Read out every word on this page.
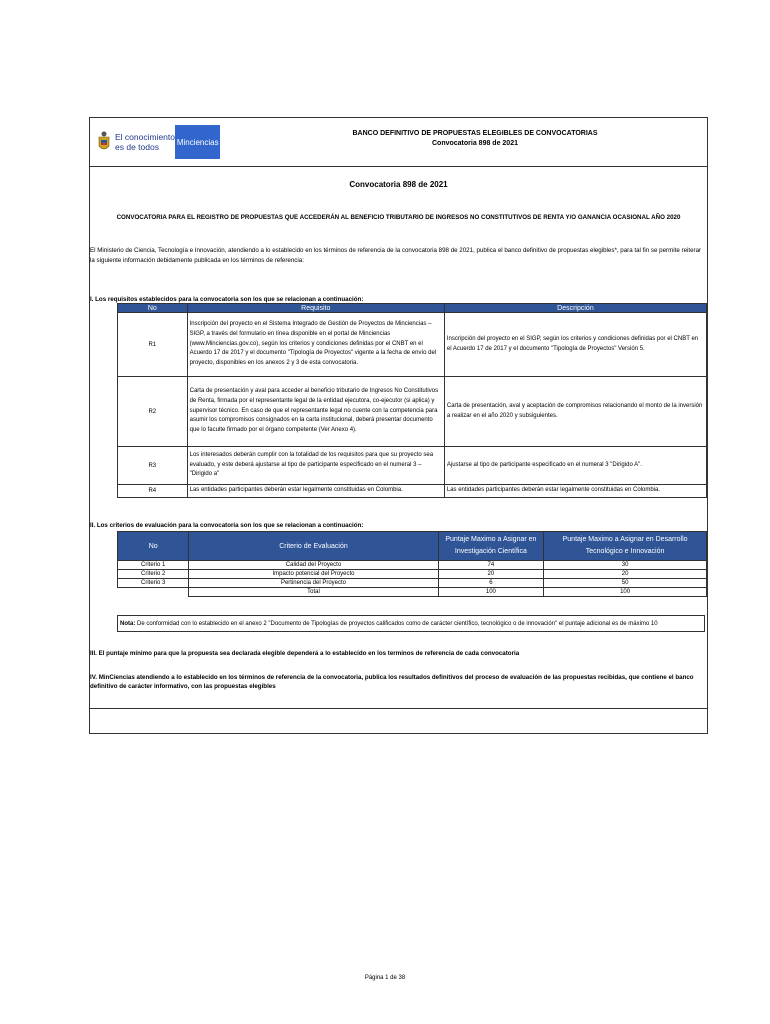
El conocimiento
es de todos	Minciencias
BANCO DEFINITIVO DE PROPUESTAS ELEGIBLES DE CONVOCATORIAS
Convocatoria 898 de 2021
Convocatoria 898 de 2021
CONVOCATORIA PARA EL REGISTRO DE PROPUESTAS QUE ACCEDERÁN AL BENEFICIO TRIBUTARIO DE INGRESOS NO CONSTITUTIVOS DE RENTA Y/O GANANCIA OCASIONAL AÑO 2020
El Ministerio de Ciencia, Tecnología e Innovación, atendiendo a lo establecido en los términos de referencia de la convocatoria 898 de 2021, publica el banco definitivo de propuestas elegibles*, para tal fin se permite reiterar la siguiente información debidamente publicada en los términos de referencia:
I. Los requisitos establecidos para la convocatoria son los que se relacionan a continuación:
No	Requisito	Descripción
R1	Inscripción del proyecto en el Sistema Integrado de Gestión de Proyectos de Minciencias – SIGP, a través del formulario en línea disponible en el portal de Minciencias (www.Minciencias.gov.co), según los criterios y condiciones definidas por el CNBT en el Acuerdo 17 de 2017 y el documento "Tipología de Proyectos" vigente a la fecha de envío del proyecto, disponibles en los anexos 2 y 3 de esta convocatoria.	Inscripción del proyecto en el SIGP, según los criterios y condiciones definidas por el CNBT en el Acuerdo 17 de 2017 y el documento "Tipología de Proyectos" Versión 5.
R2	Carta de presentación y aval para acceder al beneficio tributario de Ingresos No Constitutivos de Renta, firmada por el representante legal de la entidad ejecutora, co-ejecutor (si aplica) y supervisor técnico. En caso de que el representante legal no cuente con la competencia para asumir los compromisos consignados en la carta institucional, deberá presentar documento que lo faculte firmado por el órgano competente (Ver Anexo 4).	Carta de presentación, aval y aceptación de compromisos relacionando el monto de la inversión a realizar en el año 2020 y subsiguientes.
R3	Los interesados deberán cumplir con la totalidad de los requisitos para que su proyecto sea evaluado, y este deberá ajustarse al tipo de participante especificado en el numeral 3 – "Dirigido a"	Ajustarse al tipo de participante especificado en el numeral 3 "Dirigido A".
R4	Las entidades participantes deberán estar legalmente constituidas en Colombia.	Las entidades participantes deberán estar legalmente constituidas en Colombia.
II. Los criterios de evaluación para la convocatoria son los que se relacionan a continuación:
No	Criterio de Evaluación	Puntaje Maximo a Asignar en Investigación Científica	Puntaje Maximo a Asignar en Desarrollo Tecnológico e Innovación
Criterio 1	Calidad del Proyecto	74	30
Criterio 2	Impacto potencial del Proyecto	20	20
Criterio 3	Pertinencia del Proyecto	6	50
	Total	100	100
Nota: De conformidad con lo establecido en el anexo 2 "Documento de Tipologías de proyectos calificados como de carácter científico, tecnológico o de innovación" el puntaje adicional es de máximo 10
III. El puntaje mínimo para que la propuesta sea declarada elegible dependerá a lo establecido en los terminos de referencia de cada convocatoria
IV. MinCiencias atendiendo a lo establecido en los términos de referencia de la convocatoria, publica los resultados definitivos del proceso de evaluación de las propuestas recibidas, que contiene el banco definitivo de carácter informativo, con las propuestas elegibles
Página 1 de 38
